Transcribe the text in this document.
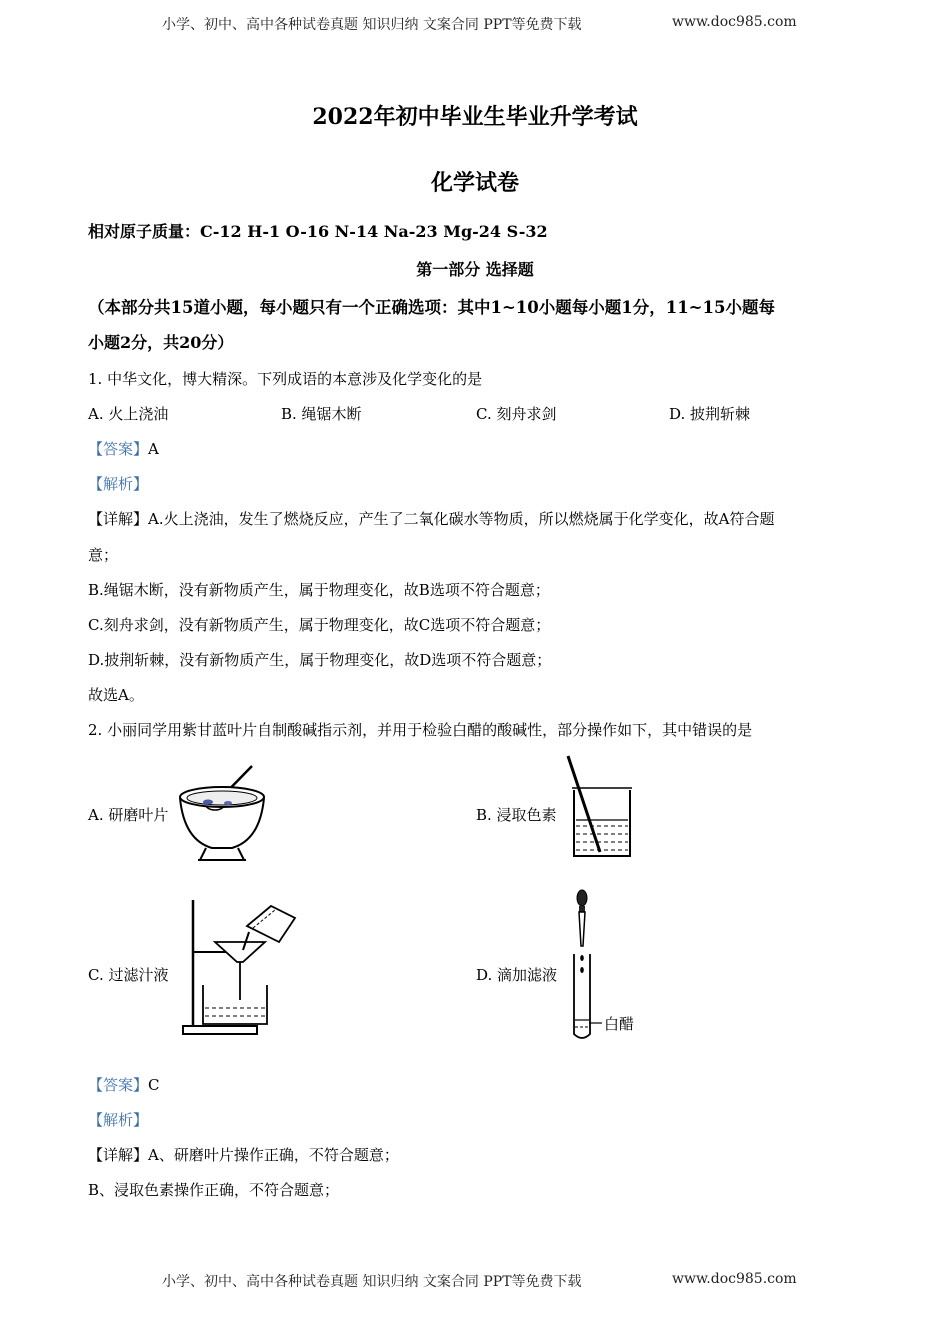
小学、初中、高中各种试卷真题 知识归纳 文案合同 PPT等免费下载	www.doc985.com
2022年初中毕业生毕业升学考试
化学试卷
相对原子质量：C-12 H-1 O-16 N-14 Na-23 Mg-24 S-32
第一部分 选择题
（本部分共15道小题，每小题只有一个正确选项：其中1~10小题每小题1分，11~15小题每
小题2分，共20分）
1. 中华文化，博大精深。下列成语的本意涉及化学变化的是
A. 火上浇油	B. 绳锯木断	C. 刻舟求剑	D. 披荆斩棘
【答案】A
【解析】
【详解】A.火上浇油，发生了燃烧反应，产生了二氧化碳水等物质，所以燃烧属于化学变化，故A符合题
意；
B.绳锯木断，没有新物质产生，属于物理变化，故B选项不符合题意；
C.刻舟求剑，没有新物质产生，属于物理变化，故C选项不符合题意；
D.披荆斩棘，没有新物质产生，属于物理变化，故D选项不符合题意；
故选A。
2. 小丽同学用紫甘蓝叶片自制酸碱指示剂，并用于检验白醋的酸碱性，部分操作如下，其中错误的是
A. 研磨叶片	B. 浸取色素
C. 过滤汁液	D. 滴加滤液
白醋
【答案】C
【解析】
【详解】A、研磨叶片操作正确，不符合题意；
B、浸取色素操作正确，不符合题意；
小学、初中、高中各种试卷真题 知识归纳 文案合同 PPT等免费下载	www.doc985.com
